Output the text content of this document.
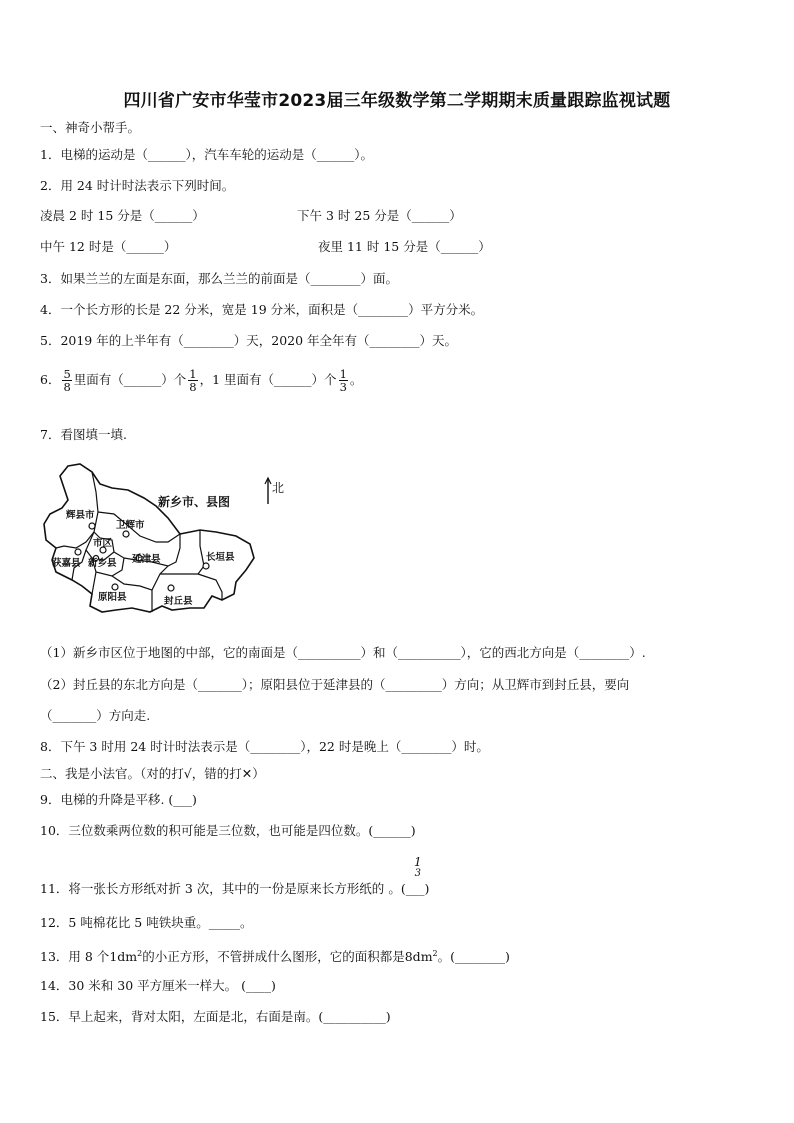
四川省广安市华莹市2023届三年级数学第二学期期末质量跟踪监视试题
一、神奇小帮手。
1．电梯的运动是（______），汽车车轮的运动是（______）。
2．用 24 时计时法表示下列时间。
凌晨 2 时 15 分是（______）	下午 3 时 25 分是（______）
中午 12 时是（______）	夜里 11 时 15 分是（______）
3．如果兰兰的左面是东面，那么兰兰的前面是（________）面。
4．一个长方形的长是 22 分米，宽是 19 分米，面积是（________）平方分米。
5．2019 年的上半年有（________）天，2020 年全年有（________）天。
6． $\frac{5}{8}$ 里面有（______）个 $\frac{1}{8}$ ，1 里面有（______）个 $\frac{1}{3}$ 。
7．看图填一填.
辉县市
卫辉市
市区
获嘉县 新乡县 延津县	长垣县
原阳县	封丘县
新乡市、县图
北
（1）新乡市区位于地图的中部，它的南面是（__________）和（__________），它的西北方向是（________）.
（2）封丘县的东北方向是（_______）；原阳县位于延津县的（_________）方向；从卫辉市到封丘县，要向
（_______）方向走.
8．下午 3 时用 24 时计时法表示是（________），22 时是晚上（________）时。
二、我是小法官。（对的打√，错的打✕）
9．电梯的升降是平移. (___)
10．三位数乘两位数的积可能是三位数，也可能是四位数。(______)
1
3
11．将一张长方形纸对折 3 次，其中的一份是原来长方形纸的 。(___)
12．5 吨棉花比 5 吨铁块重。_____。
13．用 8 个$1dm^2$的小正方形，不管拼成什么图形，它的面积都是$8dm^2$。(________)
14．30 米和 30 平方厘米一样大。 (____)
15．早上起来，背对太阳，左面是北，右面是南。(__________)
